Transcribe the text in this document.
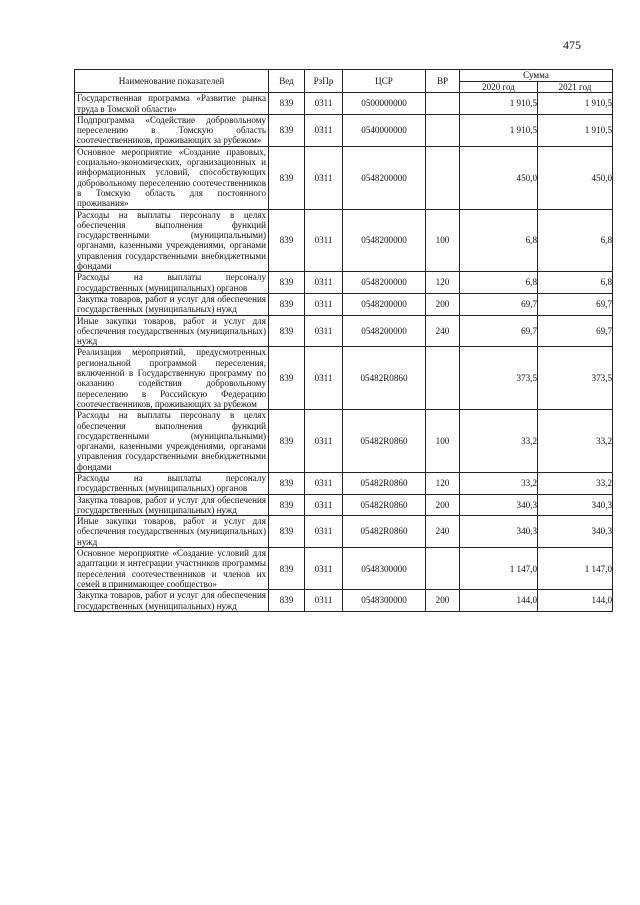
475
Наименование показателей	Вед	РзПр	ЦСР	ВР	Сумма	
					2020 год	2021 год
Государственная программа «Развитие рынка труда в Томской области»	839	0311	0500000000		1 910,5	1 910,5
Подпрограмма «Содействие добровольному переселению в Томскую область соотечественников, проживающих за рубежом»	839	0311	0540000000		1 910,5	1 910,5
Основное мероприятие «Создание правовых, социально-экономических, организационных и информационных условий, способствующих добровольному переселению соотечественников в Томскую область для постоянного проживания»	839	0311	0548200000		450,0	450,0
Расходы на выплаты персоналу в целях обеспечения выполнения функций государственными (муниципальными) органами, казенными учреждениями, органами управления государственными внебюджетными фондами	839	0311	0548200000	100	6,8	6,8
Расходы на выплаты персоналу государственных (муниципальных) органов	839	0311	0548200000	120	6,8	6,8
Закупка товаров, работ и услуг для обеспечения государственных (муниципальных) нужд	839	0311	0548200000	200	69,7	69,7
Иные закупки товаров, работ и услуг для обеспечения государственных (муниципальных) нужд	839	0311	0548200000	240	69,7	69,7
Реализация мероприятий, предусмотренных региональной программой переселения, включенной в Государственную программу по оказанию содействия добровольному переселению в Российскую Федерацию соотечественников, проживающих за рубежом	839	0311	05482R0860		373,5	373,5
Расходы на выплаты персоналу в целях обеспечения выполнения функций государственными (муниципальными) органами, казенными учреждениями, органами управления государственными внебюджетными фондами	839	0311	05482R0860	100	33,2	33,2
Расходы на выплаты персоналу государственных (муниципальных) органов	839	0311	05482R0860	120	33,2	33,2
Закупка товаров, работ и услуг для обеспечения государственных (муниципальных) нужд	839	0311	05482R0860	200	340,3	340,3
Иные закупки товаров, работ и услуг для обеспечения государственных (муниципальных) нужд	839	0311	05482R0860	240	340,3	340,3
Основное мероприятие «Создание условий для адаптации и интеграции участников программы переселения соотечественников и членов их семей в принимающее сообщество»	839	0311	0548300000		1 147,0	1 147,0
Закупка товаров, работ и услуг для обеспечения государственных (муниципальных) нужд	839	0311	0548300000	200	144,0	144,0
